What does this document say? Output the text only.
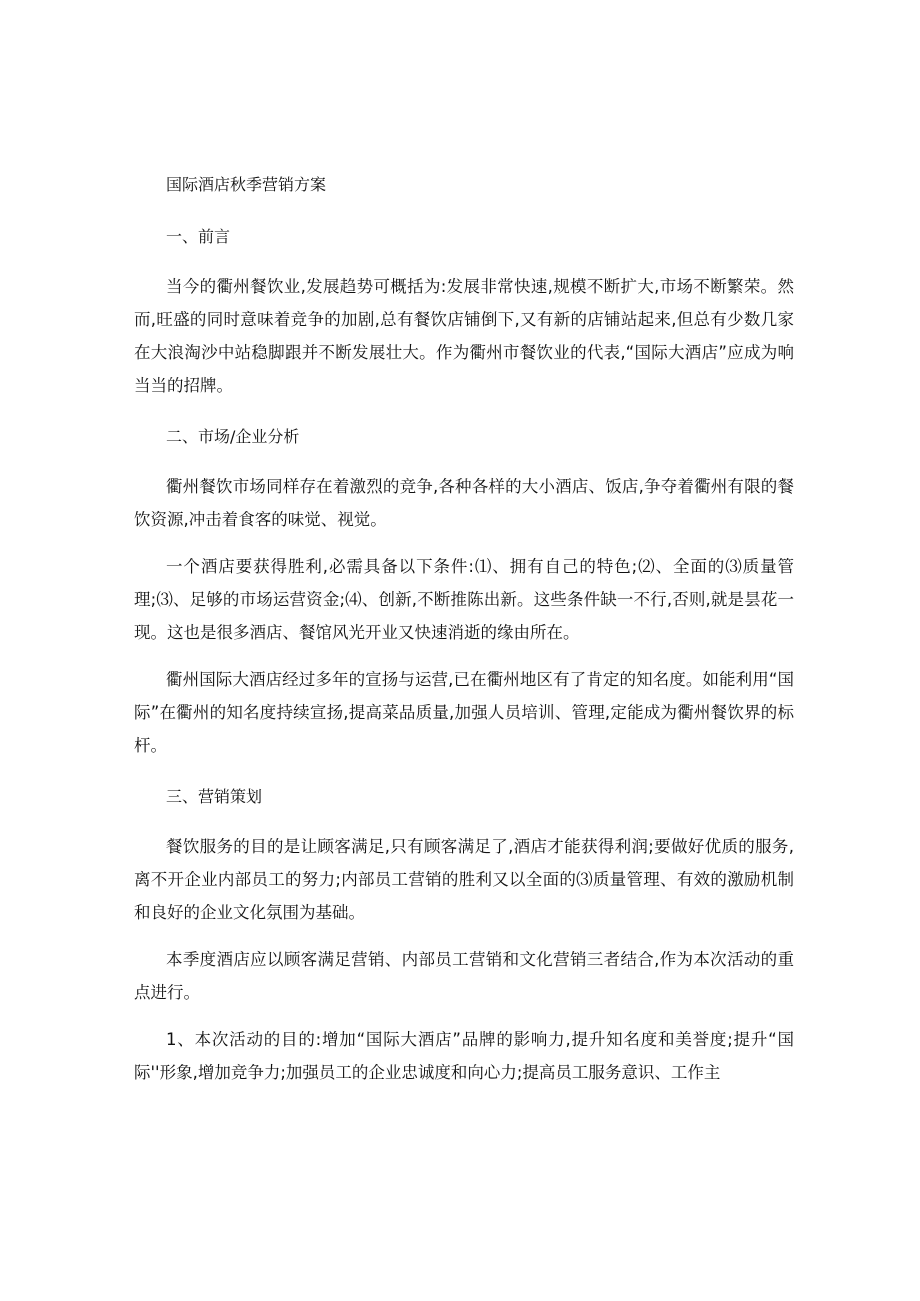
国际酒店秋季营销方案
一、前言

当今的衢州餐饮业,发展趋势可概括为:发展非常快速,规模不断扩大,市场不断繁荣。然而,旺盛的同时意味着竞争的加剧,总有餐饮店铺倒下,又有新的店铺站起来,但总有少数几家在大浪淘沙中站稳脚跟并不断发展壮大。作为衢州市餐饮业的代表,“国际大酒店”应成为响当当的招牌。

二、市场/企业分析

衢州餐饮市场同样存在着激烈的竞争,各种各样的大小酒店、饭店,争夺着衢州有限的餐饮资源,冲击着食客的味觉、视觉。

一个酒店要获得胜利,必需具备以下条件:⑴、拥有自己的特色;⑵、全面的⑶质量管理;⑶、足够的市场运营资金;⑷、创新,不断推陈出新。这些条件缺一不行,否则,就是昙花一现。这也是很多酒店、餐馆风光开业又快速消逝的缘由所在。

衢州国际大酒店经过多年的宣扬与运营,已在衢州地区有了肯定的知名度。如能利用“国际”在衢州的知名度持续宣扬,提高菜品质量,加强人员培训、管理,定能成为衢州餐饮界的标杆。

三、营销策划

餐饮服务的目的是让顾客满足,只有顾客满足了,酒店才能获得利润;要做好优质的服务,离不开企业内部员工的努力;内部员工营销的胜利又以全面的⑶质量管理、有效的激励机制和良好的企业文化氛围为基础。

本季度酒店应以顾客满足营销、内部员工营销和文化营销三者结合,作为本次活动的重点进行。

1、本次活动的目的:增加“国际大酒店”品牌的影响力,提升知名度和美誉度;提升“国际''形象,增加竞争力;加强员工的企业忠诚度和向心力;提高员工服务意识、工作主
